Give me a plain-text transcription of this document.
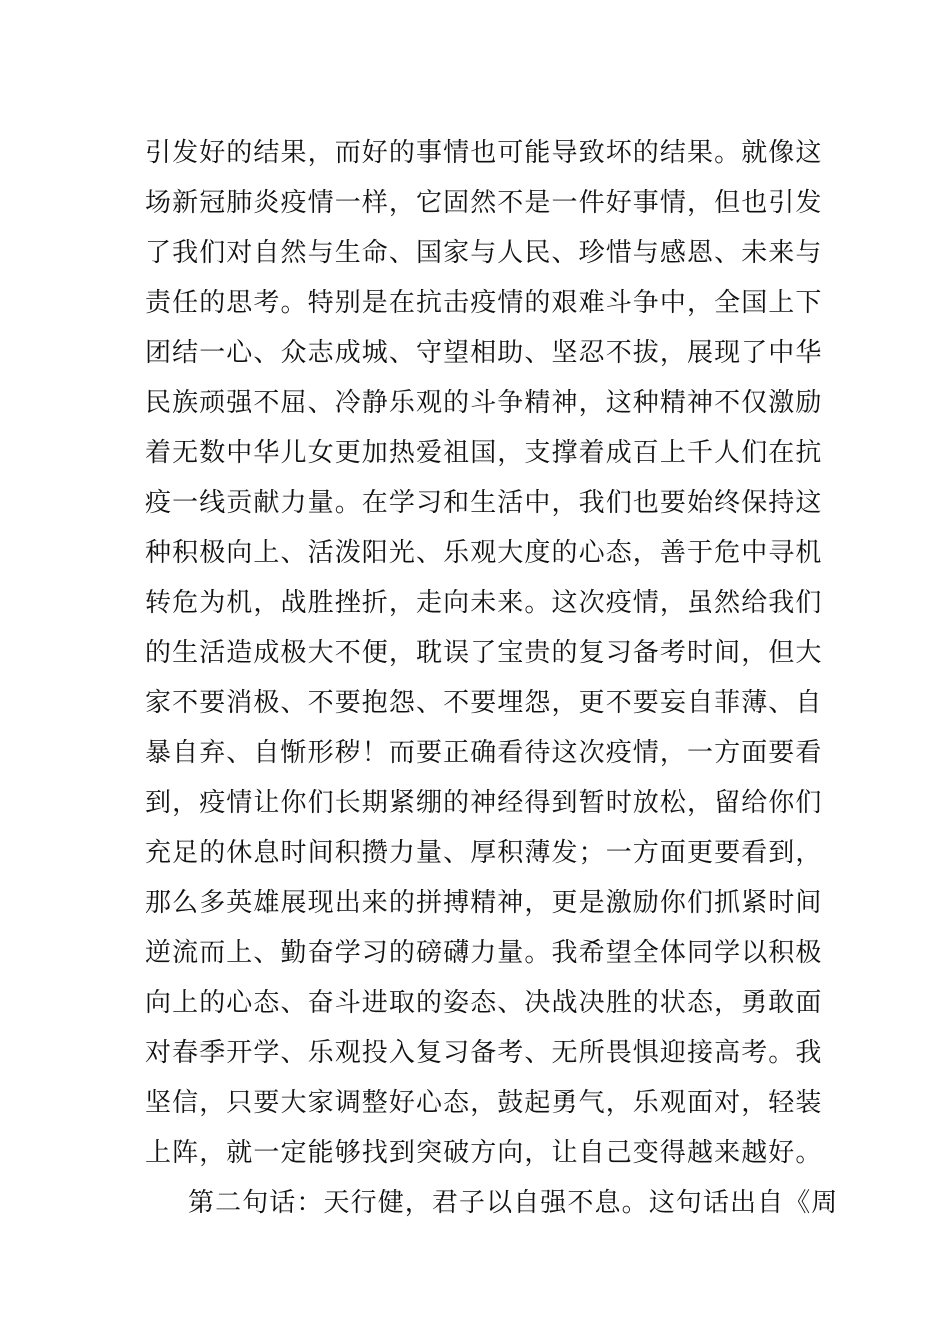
引发好的结果，而好的事情也可能导致坏的结果。就像这
场新冠肺炎疫情一样，它固然不是一件好事情，但也引发
了我们对自然与生命、国家与人民、珍惜与感恩、未来与
责任的思考。特别是在抗击疫情的艰难斗争中，全国上下
团结一心、众志成城、守望相助、坚忍不拔，展现了中华
民族顽强不屈、冷静乐观的斗争精神，这种精神不仅激励
着无数中华儿女更加热爱祖国，支撑着成百上千人们在抗
疫一线贡献力量。在学习和生活中，我们也要始终保持这
种积极向上、活泼阳光、乐观大度的心态，善于危中寻机
转危为机，战胜挫折，走向未来。这次疫情，虽然给我们
的生活造成极大不便，耽误了宝贵的复习备考时间，但大
家不要消极、不要抱怨、不要埋怨，更不要妄自菲薄、自
暴自弃、自惭形秽！而要正确看待这次疫情，一方面要看
到，疫情让你们长期紧绷的神经得到暂时放松，留给你们
充足的休息时间积攒力量、厚积薄发；一方面更要看到，
那么多英雄展现出来的拼搏精神，更是激励你们抓紧时间
逆流而上、勤奋学习的磅礴力量。我希望全体同学以积极
向上的心态、奋斗进取的姿态、决战决胜的状态，勇敢面
对春季开学、乐观投入复习备考、无所畏惧迎接高考。我
坚信，只要大家调整好心态，鼓起勇气，乐观面对，轻装
上阵，就一定能够找到突破方向，让自己变得越来越好。
第二句话：天行健，君子以自强不息。这句话出自《周
